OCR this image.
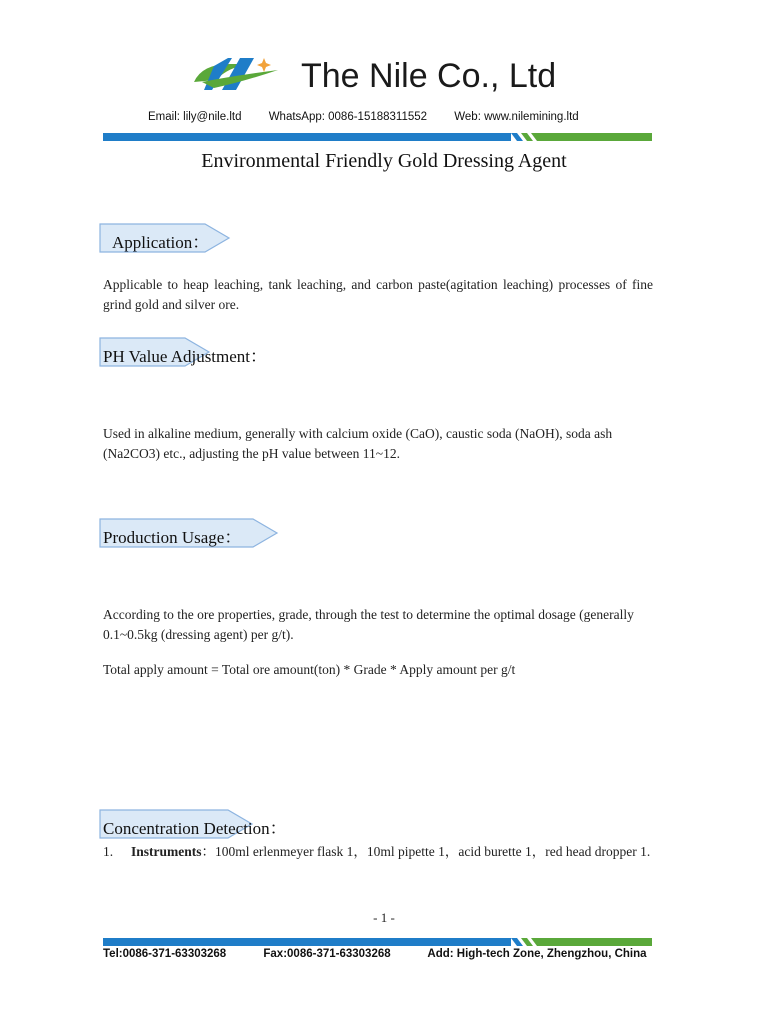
The Nile Co., Ltd
Email: lily@nile.ltd WhatsApp: 0086-15188311552 Web: www.nilemining.ltd
Environmental Friendly Gold Dressing Agent
Application：
Applicable to heap leaching, tank leaching, and carbon paste(agitation leaching) processes of fine grind gold and silver ore.
PH Value Adjustment：
Used in alkaline medium, generally with calcium oxide (CaO), caustic soda (NaOH), soda ash (Na2CO3) etc., adjusting the pH value between 11~12.
Production Usage：
According to the ore properties, grade, through the test to determine the optimal dosage (generally 0.1~0.5kg (dressing agent) per g/t).
Total apply amount = Total ore amount(ton) * Grade * Apply amount per g/t
Concentration Detection：
1. Instruments：100ml erlenmeyer flask 1，10ml pipette 1，acid burette 1，red head dropper 1.
- 1 -
Tel:0086-371-63303268	Fax:0086-371-63303268	Add: High-tech Zone, Zhengzhou, China
